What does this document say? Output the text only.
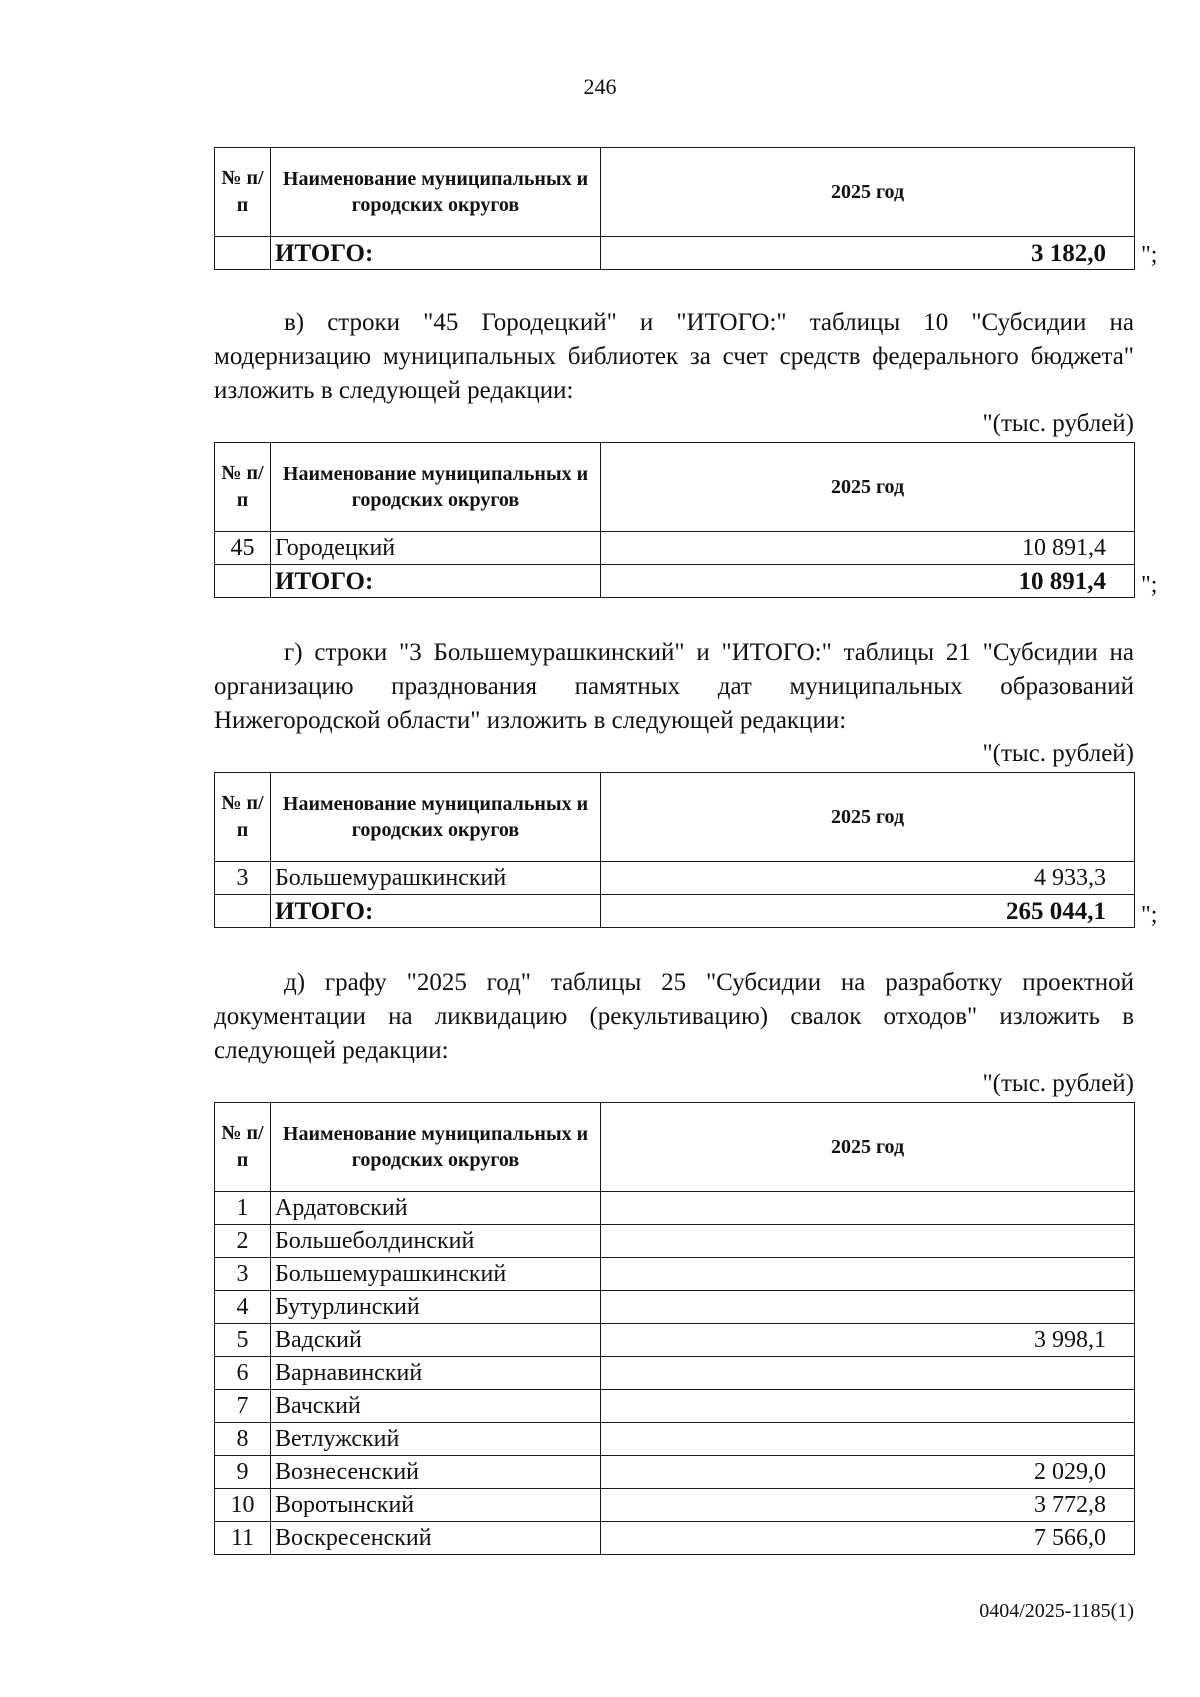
246
№ п/п	Наименование муниципальных и городских округов	2025 год
	ИТОГО:	3 182,0 ";

в) строки "45 Городецкий" и "ИТОГО:" таблицы 10 "Субсидии на модернизацию муниципальных библиотек за счет средств федерального бюджета" изложить в следующей редакции:

"(тыс. рублей)
№ п/п	Наименование муниципальных и городских округов	2025 год
45	Городецкий	10 891,4
	ИТОГО:	10 891,4 ";

г) строки "3 Большемурашкинский" и "ИТОГО:" таблицы 21 "Субсидии на организацию празднования памятных дат муниципальных образований Нижегородской области" изложить в следующей редакции:

"(тыс. рублей)
№ п/п	Наименование муниципальных и городских округов	2025 год
3	Большемурашкинский	4 933,3
	ИТОГО:	265 044,1 ";

д) графу "2025 год" таблицы 25 "Субсидии на разработку проектной документации на ликвидацию (рекультивацию) свалок отходов" изложить в следующей редакции:

"(тыс. рублей)
№ п/п	Наименование муниципальных и городских округов	2025 год
1	Ардатовский	
2	Большеболдинский	
3	Большемурашкинский	
4	Бутурлинский	
5	Вадский	3 998,1
6	Варнавинский	
7	Вачский	
8	Ветлужский	
9	Вознесенский	2 029,0
10	Воротынский	3 772,8
11	Воскресенский	7 566,0
0404/2025-1185(1)
